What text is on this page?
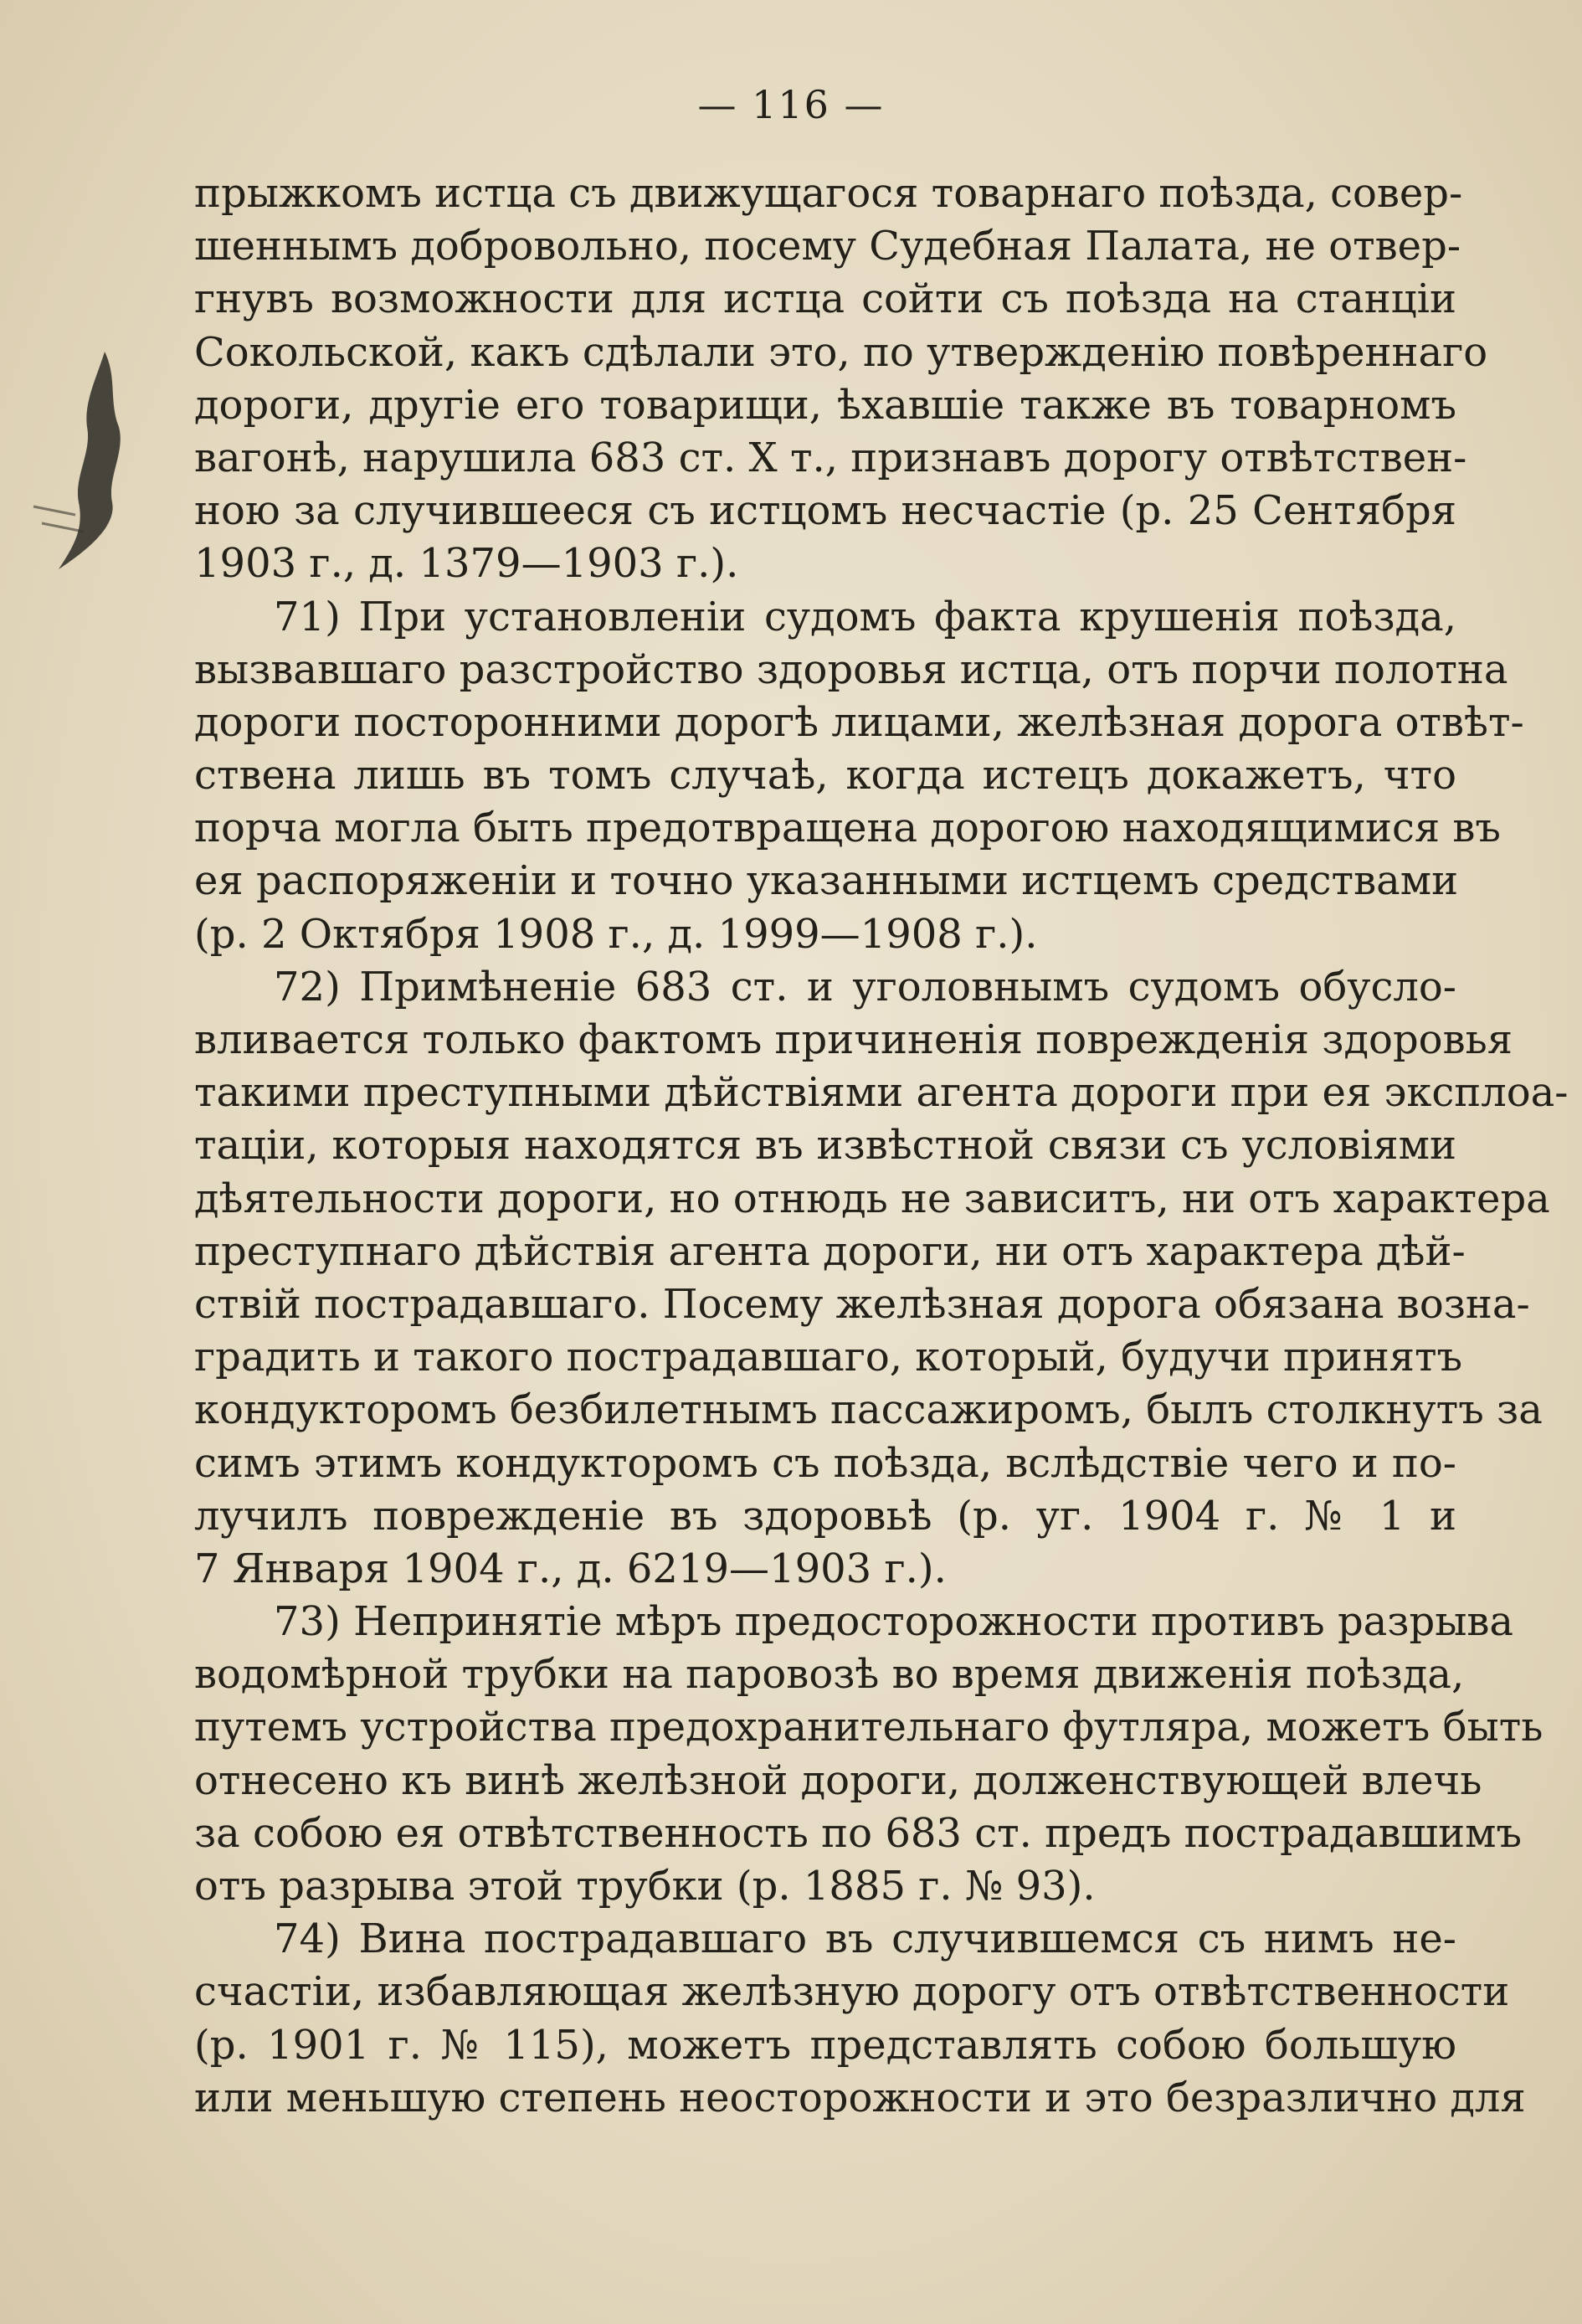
— 116 —

прыжкомъ истца съ движущагося товарнаго поѣзда, совер-
шеннымъ добровольно, посему Судебная Палата, не отвер-
гнувъ возможности для истца сойти съ поѣзда на станціи
Сокольской, какъ сдѣлали это, по утвержденію повѣреннаго
дороги, другіе его товарищи, ѣхавшіе также въ товарномъ
вагонѣ, нарушила 683 ст. X т., признавъ дорогу отвѣтствен-
ною за случившееся съ истцомъ несчастіе (р. 25 Сентября
1903 г., д. 1379—1903 г.).

71) При установленіи судомъ факта крушенія поѣзда,
вызвавшаго разстройство здоровья истца, отъ порчи полотна
дороги посторонними дорогѣ лицами, желѣзная дорога отвѣт-
ствена лишь въ томъ случаѣ, когда истецъ докажетъ, что
порча могла быть предотвращена дорогою находящимися въ
ея распоряженіи и точно указанными истцемъ средствами
(р. 2 Октября 1908 г., д. 1999—1908 г.).

72) Примѣненіе 683 ст. и уголовнымъ судомъ обусло-
вливается только фактомъ причиненія поврежденія здоровья
такими преступными дѣйствіями агента дороги при ея эксплоа-
таціи, которыя находятся въ извѣстной связи съ условіями
дѣятельности дороги, но отнюдь не зависитъ, ни отъ характера
преступнаго дѣйствія агента дороги, ни отъ характера дѣй-
ствій пострадавшаго. Посему желѣзная дорога обязана возна-
градить и такого пострадавшаго, который, будучи принятъ
кондукторомъ безбилетнымъ пассажиромъ, былъ столкнутъ за
симъ этимъ кондукторомъ съ поѣзда, вслѣдствіе чего и по-
лучилъ поврежденіе въ здоровьѣ (р. уг. 1904 г. № 1 и
7 Января 1904 г., д. 6219—1903 г.).

73) Непринятіе мѣръ предосторожности противъ разрыва
водомѣрной трубки на паровозѣ во время движенія поѣзда,
путемъ устройства предохранительнаго футляра, можетъ быть
отнесено къ винѣ желѣзной дороги, долженствующей влечь
за собою ея отвѣтственность по 683 ст. предъ пострадавшимъ
отъ разрыва этой трубки (р. 1885 г. № 93).

74) Вина пострадавшаго въ случившемся съ нимъ не-
счастіи, избавляющая желѣзную дорогу отъ отвѣтственности
(р. 1901 г. № 115), можетъ представлять собою большую
или меньшую степень неосторожности и это безразлично для
